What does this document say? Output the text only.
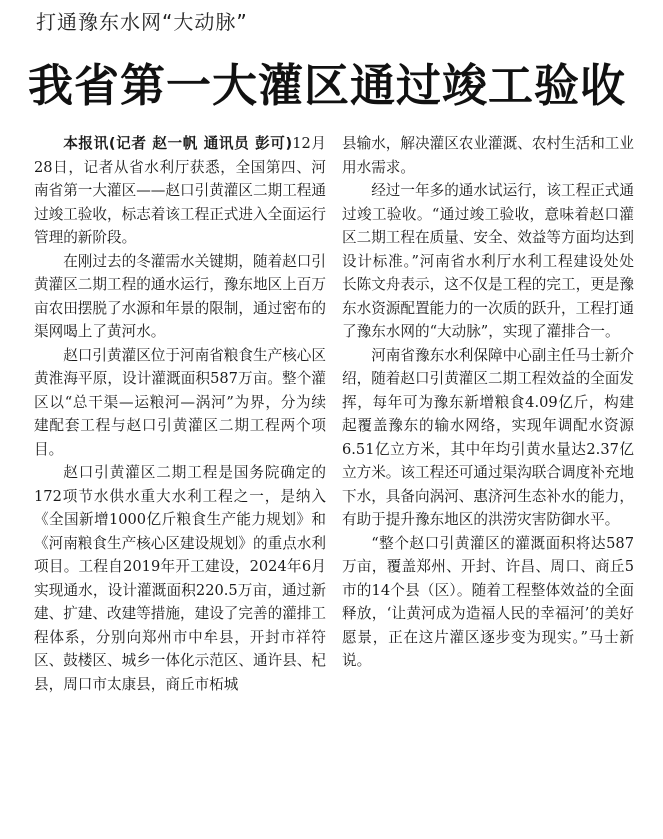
打通豫东水网“大动脉”
我省第一大灌区通过竣工验收

本报讯(记者 赵一帆 通讯员 彭可)12月28日，记者从省水利厅获悉，全国第四、河南省第一大灌区——赵口引黄灌区二期工程通过竣工验收，标志着该工程正式进入全面运行管理的新阶段。

在刚过去的冬灌需水关键期，随着赵口引黄灌区二期工程的通水运行，豫东地区上百万亩农田摆脱了水源和年景的限制，通过密布的渠网喝上了黄河水。

赵口引黄灌区位于河南省粮食生产核心区黄淮海平原，设计灌溉面积587万亩。整个灌区以“总干渠—运粮河—涡河”为界，分为续建配套工程与赵口引黄灌区二期工程两个项目。

赵口引黄灌区二期工程是国务院确定的172项节水供水重大水利工程之一，是纳入《全国新增1000亿斤粮食生产能力规划》和《河南粮食生产核心区建设规划》的重点水利项目。工程自2019年开工建设，2024年6月实现通水，设计灌溉面积220.5万亩，通过新建、扩建、改建等措施，建设了完善的灌排工程体系，分别向郑州市中牟县，开封市祥符区、鼓楼区、城乡一体化示范区、通许县、杞县，周口市太康县，商丘市柘城

县输水，解决灌区农业灌溉、农村生活和工业用水需求。

经过一年多的通水试运行，该工程正式通过竣工验收。“通过竣工验收，意味着赵口灌区二期工程在质量、安全、效益等方面均达到设计标准。”河南省水利厅水利工程建设处处长陈文舟表示，这不仅是工程的完工，更是豫东水资源配置能力的一次质的跃升，工程打通了豫东水网的“大动脉”，实现了灌排合一。

河南省豫东水利保障中心副主任马士新介绍，随着赵口引黄灌区二期工程效益的全面发挥，每年可为豫东新增粮食4.09亿斤，构建起覆盖豫东的输水网络，实现年调配水资源6.51亿立方米，其中年均引黄水量达2.37亿立方米。该工程还可通过渠沟联合调度补充地下水，具备向涡河、惠济河生态补水的能力，有助于提升豫东地区的洪涝灾害防御水平。

“整个赵口引黄灌区的灌溉面积将达587万亩，覆盖郑州、开封、许昌、周口、商丘5市的14个县（区）。随着工程整体效益的全面释放，‘让黄河成为造福人民的幸福河’的美好愿景，正在这片灌区逐步变为现实。”马士新说。
